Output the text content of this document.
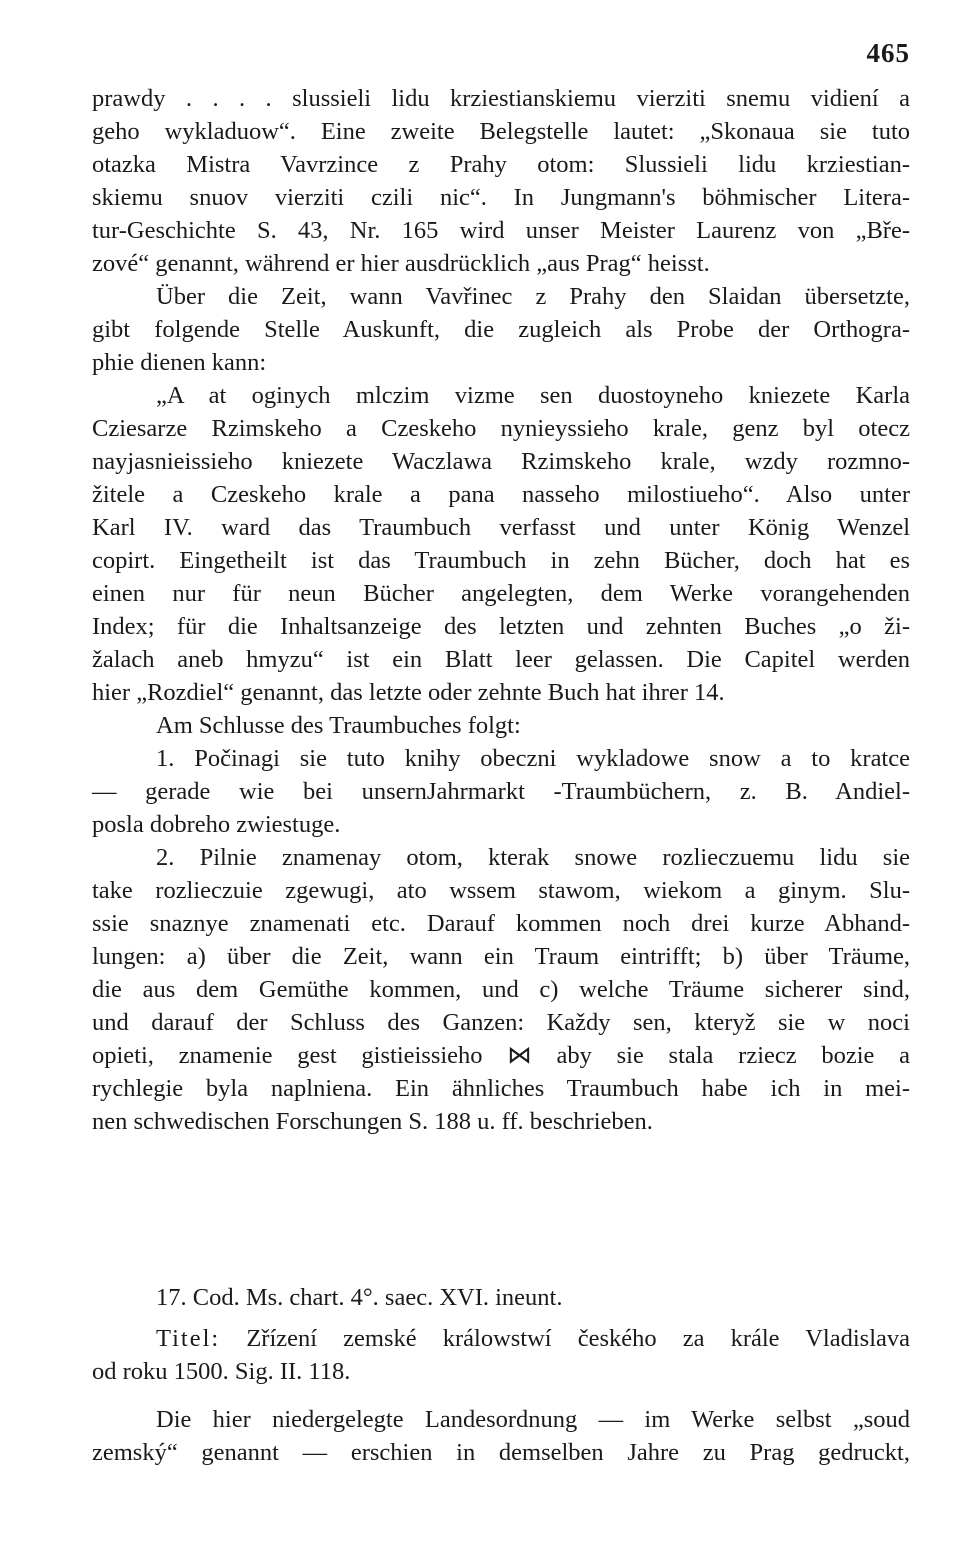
465
prawdy . . . . slussieli lidu krziestianskiemu vierziti snemu vidiení a
geho wykladuow“. Eine zweite Belegstelle lautet: „Skonaua sie tuto
otazka Mistra Vavrzince z Prahy otom: Slussieli lidu krziestian-
skiemu snuov vierziti czili nic“. In Jungmann's böhmischer Litera-
tur-Geschichte S. 43, Nr. 165 wird unser Meister Laurenz von „Bře-
zové“ genannt, während er hier ausdrücklich „aus Prag“ heisst.
Über die Zeit, wann Vavřinec z Prahy den Slaidan übersetzte,
gibt folgende Stelle Auskunft, die zugleich als Probe der Orthogra-
phie dienen kann:
„A at oginych mlczim vizme sen duostoyneho kniezete Karla
Cziesarze Rzimskeho a Czeskeho nynieyssieho krale, genz byl otecz
nayjasnieissieho kniezete Waczlawa Rzimskeho krale, wzdy rozmno-
žitele a Czeskeho krale a pana nasseho milostiueho“. Also unter
Karl IV. ward das Traumbuch verfasst und unter König Wenzel
copirt. Eingetheilt ist das Traumbuch in zehn Bücher, doch hat es
einen nur für neun Bücher angelegten, dem Werke vorangehenden
Index; für die Inhaltsanzeige des letzten und zehnten Buches „o ži-
žalach aneb hmyzu“ ist ein Blatt leer gelassen. Die Capitel werden
hier „Rozdiel“ genannt, das letzte oder zehnte Buch hat ihrer 14.
Am Schlusse des Traumbuches folgt:
1. Počinagi sie tuto knihy obeczni wykladowe snow a to kratce
— gerade wie bei unsernJahrmarkt -Traumbüchern, z. B. Andiel-
posla dobreho zwiestuge.
2. Pilnie znamenay otom, kterak snowe rozlieczuemu lidu sie
take rozlieczuie zgewugi, ato wssem stawom, wiekom a ginym. Slu-
ssie snaznye znamenati etc. Darauf kommen noch drei kurze Abhand-
lungen: a) über die Zeit, wann ein Traum eintrifft; b) über Träume,
die aus dem Gemüthe kommen, und c) welche Träume sicherer sind,
und darauf der Schluss des Ganzen: Každy sen, kteryž sie w noci
opieti, znamenie gest gistieissieho ⋈ aby sie stala rziecz bozie a
rychlegie byla naplniena. Ein ähnliches Traumbuch habe ich in mei-
nen schwedischen Forschungen S. 188 u. ff. beschrieben.
17. Cod. Ms. chart. 4°. saec. XVI. ineunt.
Titel: Zřízení zemské králowstwí českého za krále Vladislava
od roku 1500. Sig. II. 118.
Die hier niedergelegte Landesordnung — im Werke selbst „soud
zemský“ genannt — erschien in demselben Jahre zu Prag gedruckt,
